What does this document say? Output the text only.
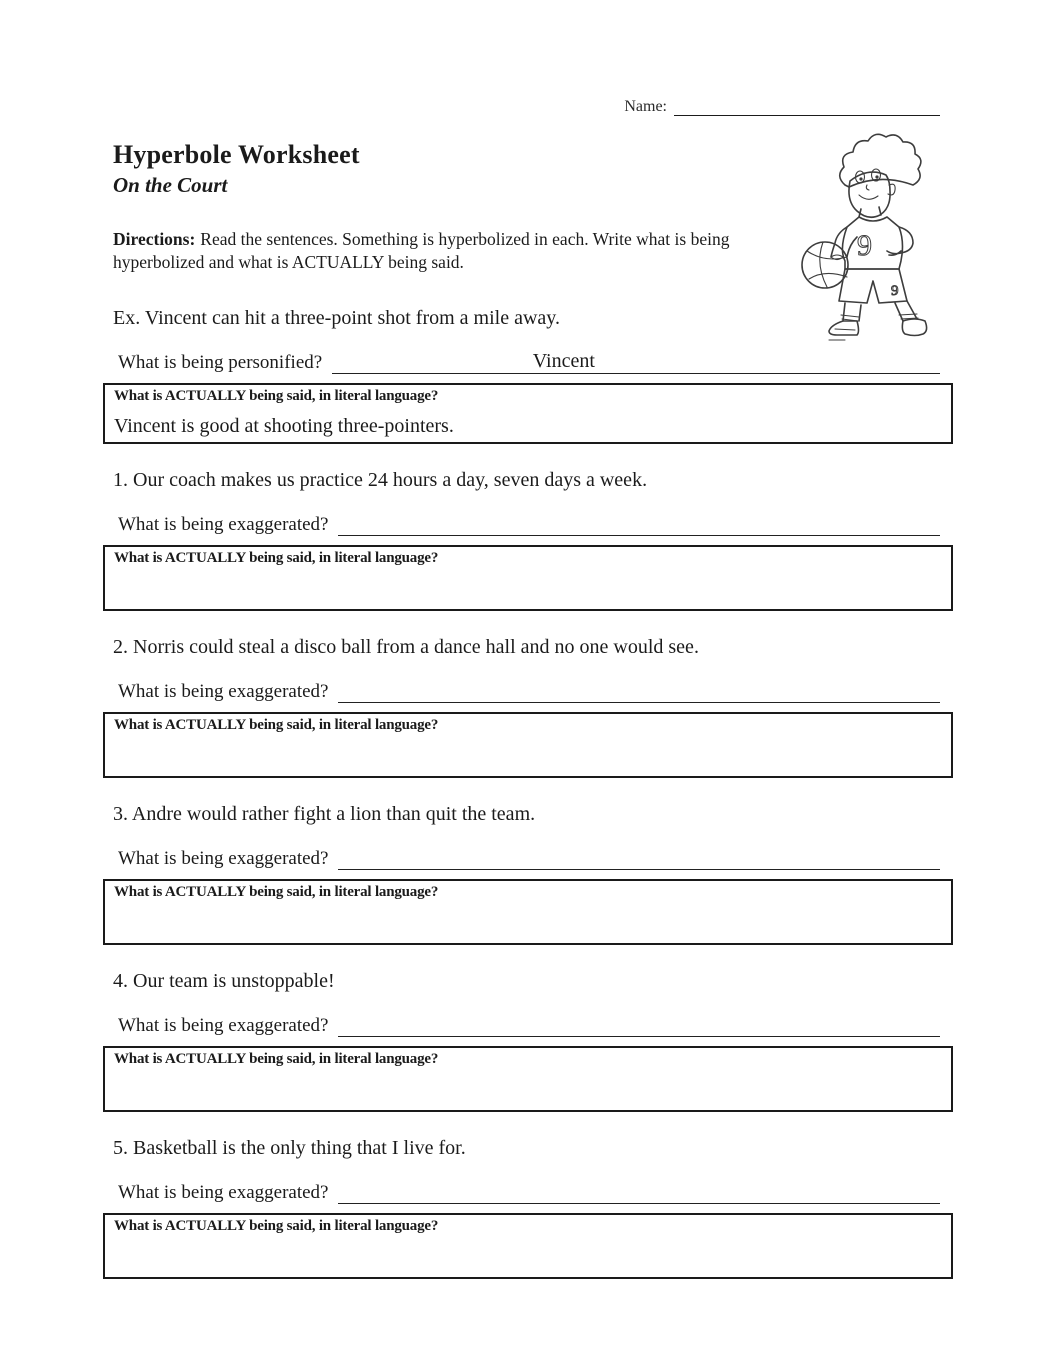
Name:
Hyperbole Worksheet
On the Court
9
9

Directions: Read the sentences. Something is hyperbolized in each. Write what is being hyperbolized and what is ACTUALLY being said.

Ex. Vincent can hit a three-point shot from a mile away.

What is being personified?	Vincent
What is ACTUALLY being said, in literal language?
Vincent is good at shooting three-pointers.

1. Our coach makes us practice 24 hours a day, seven days a week.

What is being exaggerated?
What is ACTUALLY being said, in literal language?

2. Norris could steal a disco ball from a dance hall and no one would see.

What is being exaggerated?
What is ACTUALLY being said, in literal language?

3. Andre would rather fight a lion than quit the team.

What is being exaggerated?
What is ACTUALLY being said, in literal language?

4. Our team is unstoppable!

What is being exaggerated?
What is ACTUALLY being said, in literal language?

5. Basketball is the only thing that I live for.

What is being exaggerated?
What is ACTUALLY being said, in literal language?
